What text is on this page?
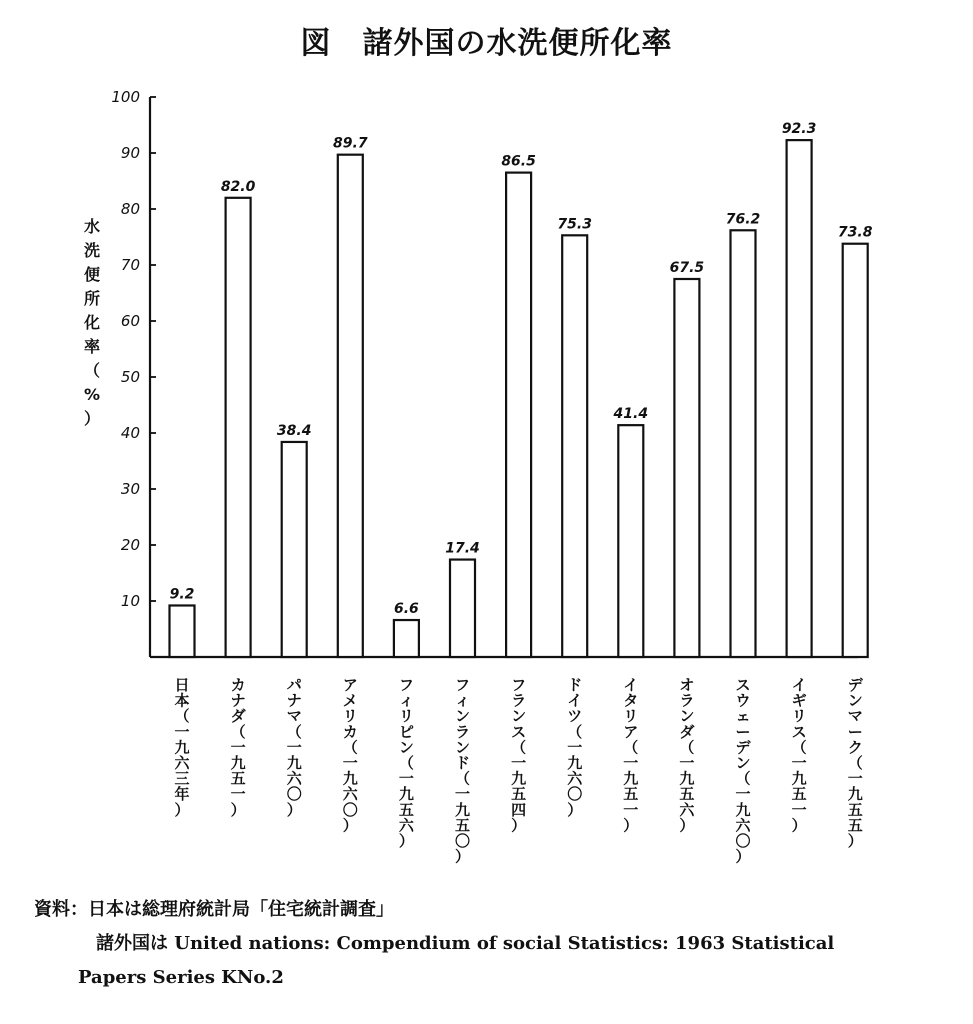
図　諸外国の水洗便所化率
10
20
30
40
50
60
70
80
90
100
9.2
82.0
38.4
89.7
6.6
17.4
86.5
75.3
41.4
67.5
76.2
92.3
73.8
日本（一九六三年）
カナダ（一九五一）
パナマ（一九六〇）
アメリカ（一九六〇）
フィリピン（一九五六）
フィンランド（一九五〇）
フランス（一九五四）
ドイツ（一九六〇）
イタリア（一九五一）
オランダ（一九五六）
スウェーデン（一九六〇）
イギリス（一九五一）
デンマーク（一九五五）
水洗便所化率（%）
資料：日本は総理府統計局「住宅統計調査」
諸外国は United nations: Compendium of social Statistics: 1963 Statistical
Papers Series KNo.2
